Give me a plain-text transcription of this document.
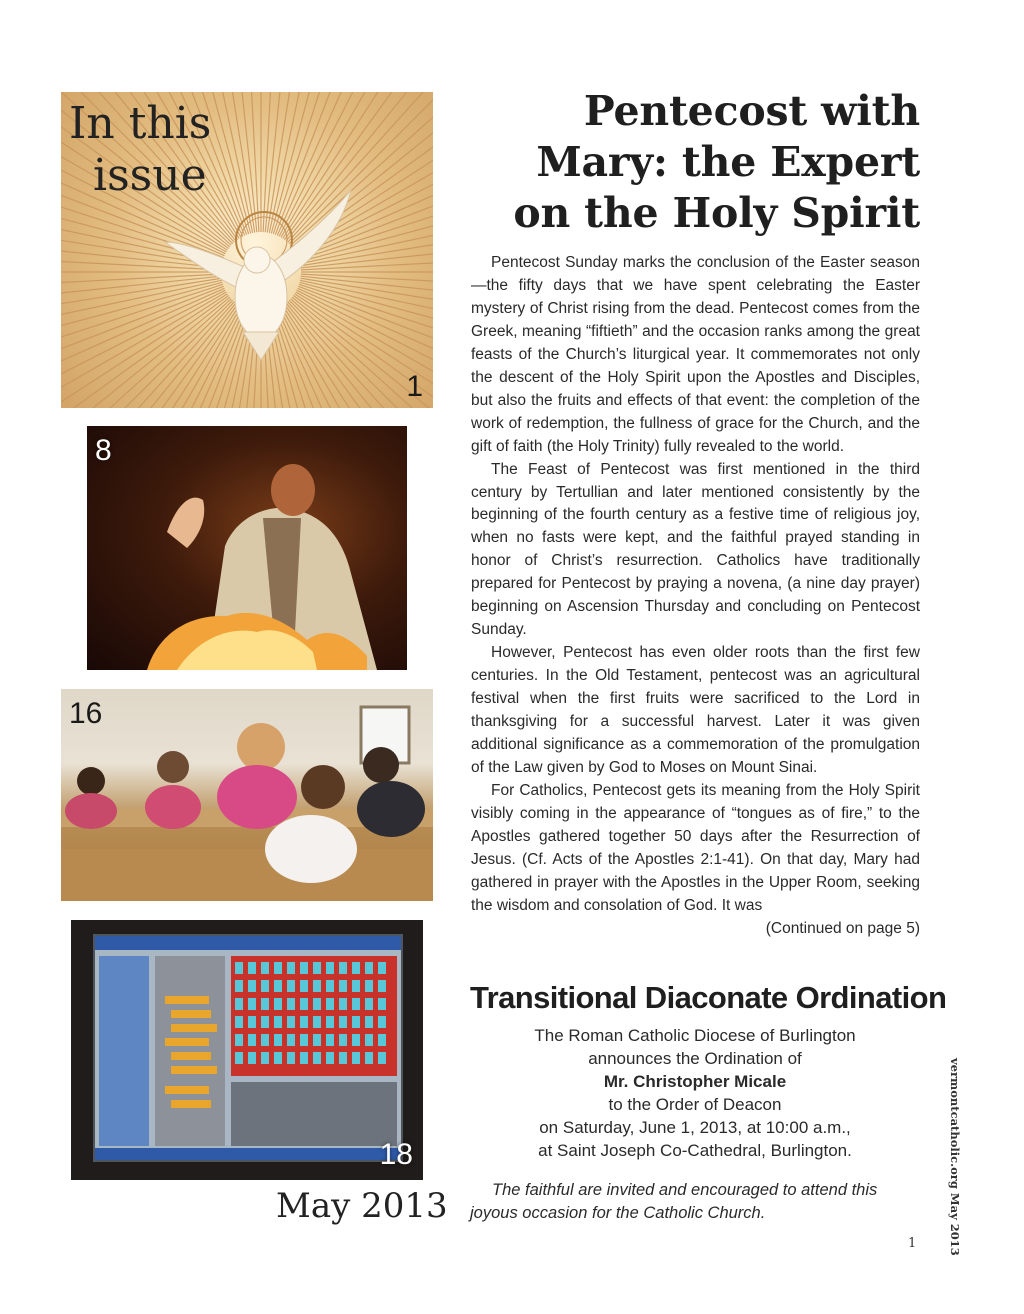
In this
issue
1
8
16
18
May 2013
Pentecost with Mary: the Expert on the Holy Spirit

Pentecost Sunday marks the conclusion of the Easter season—the fifty days that we have spent celebrating the Easter mystery of Christ rising from the dead. Pentecost comes from the Greek, meaning “fiftieth” and the occasion ranks among the great feasts of the Church’s liturgical year. It commemorates not only the descent of the Holy Spirit upon the Apostles and Disciples, but also the fruits and effects of that event: the completion of the work of redemption, the fullness of grace for the Church, and the gift of faith (the Holy Trinity) fully revealed to the world.

The Feast of Pentecost was first mentioned in the third century by Tertullian and later mentioned consistently by the beginning of the fourth century as a festive time of religious joy, when no fasts were kept, and the faithful prayed standing in honor of Christ’s resurrection. Catholics have traditionally prepared for Pentecost by praying a novena, (a nine day prayer) beginning on Ascension Thursday and concluding on Pentecost Sunday.

However, Pentecost has even older roots than the first few centuries. In the Old Testament, pentecost was an agricultural festival when the first fruits were sacrificed to the Lord in thanksgiving for a successful harvest. Later it was given additional significance as a commemoration of the promulgation of the Law given by God to Moses on Mount Sinai.

For Catholics, Pentecost gets its meaning from the Holy Spirit visibly coming in the appearance of “tongues as of fire,” to the Apostles gathered together 50 days after the Resurrection of Jesus. (Cf. Acts of the Apostles 2:1-41). On that day, Mary had gathered in prayer with the Apostles in the Upper Room, seeking the wisdom and consolation of God. It was

(Continued on page 5)

Transitional Diaconate Ordination
The Roman Catholic Diocese of Burlington
announces the Ordination of
Mr. Christopher Micale
to the Order of Deacon
on Saturday, June 1, 2013, at 10:00 a.m.,
at Saint Joseph Co-Cathedral, Burlington.

The faithful are invited and encouraged to attend this joyous occasion for the Catholic Church.	vermontcatholic.org May 2013
1
